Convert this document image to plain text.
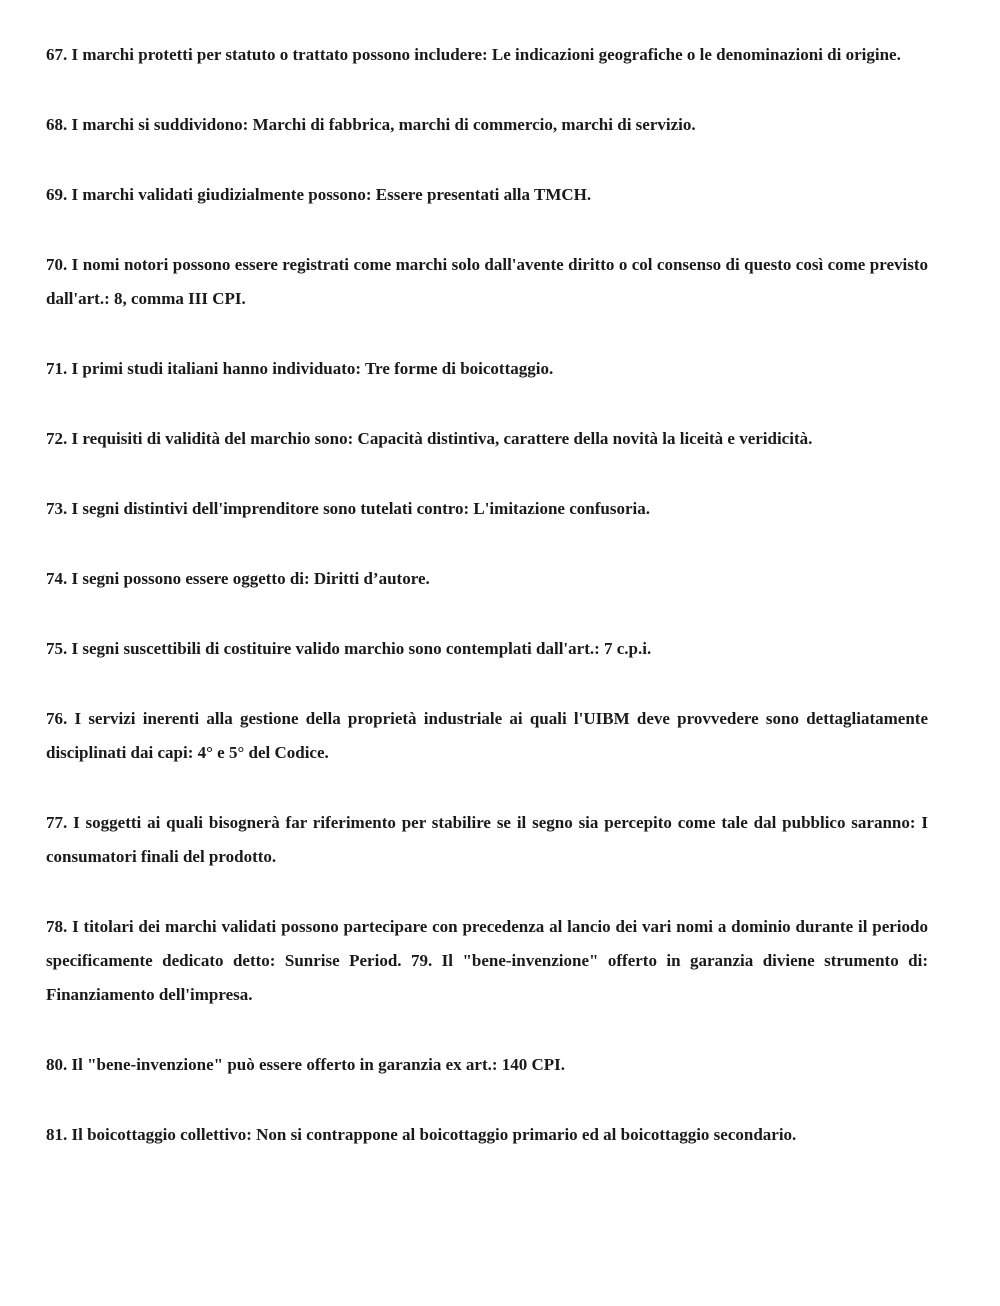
67. I marchi protetti per statuto o trattato possono includere: Le indicazioni geografiche o le denominazioni di origine.

68. I marchi si suddividono: Marchi di fabbrica, marchi di commercio, marchi di servizio.

69. I marchi validati giudizialmente possono: Essere presentati alla TMCH.

70. I nomi notori possono essere registrati come marchi solo dall'avente diritto o col consenso di questo così come previsto dall'art.: 8, comma III CPI.

71. I primi studi italiani hanno individuato: Tre forme di boicottaggio.

72. I requisiti di validità del marchio sono: Capacità distintiva, carattere della novità la liceità e veridicità.

73. I segni distintivi dell'imprenditore sono tutelati contro: L'imitazione confusoria.

74. I segni possono essere oggetto di: Diritti d’autore.

75. I segni suscettibili di costituire valido marchio sono contemplati dall'art.: 7 c.p.i.

76. I servizi inerenti alla gestione della proprietà industriale ai quali l'UIBM deve provvedere sono dettagliatamente disciplinati dai capi: 4° e 5° del Codice.

77. I soggetti ai quali bisognerà far riferimento per stabilire se il segno sia percepito come tale dal pubblico saranno: I consumatori finali del prodotto.

78. I titolari dei marchi validati possono partecipare con precedenza al lancio dei vari nomi a dominio durante il periodo specificamente dedicato detto: Sunrise Period. 79. Il "bene-invenzione" offerto in garanzia diviene strumento di: Finanziamento dell'impresa.

80. Il "bene-invenzione" può essere offerto in garanzia ex art.: 140 CPI.

81. Il boicottaggio collettivo: Non si contrappone al boicottaggio primario ed al boicottaggio secondario.
